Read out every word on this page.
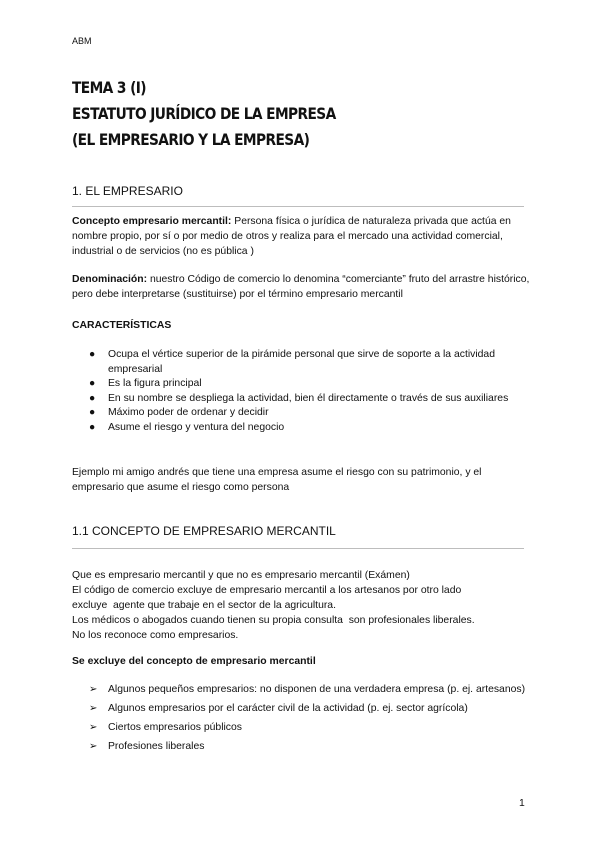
ABM
TEMA 3 (I)
ESTATUTO JURÍDICO DE LA EMPRESA
(EL EMPRESARIO Y LA EMPRESA)
1. EL EMPRESARIO
Concepto empresario mercantil: Persona física o jurídica de naturaleza privada que actúa en nombre propio, por sí o por medio de otros y realiza para el mercado una actividad comercial, industrial o de servicios (no es pública )
Denominación: nuestro Código de comercio lo denomina “comerciante” fruto del arrastre histórico, pero debe interpretarse (sustituirse) por el término empresario mercantil
CARACTERÍSTICAS
● Ocupa el vértice superior de la pirámide personal que sirve de soporte a la actividad empresarial
● Es la figura principal
● En su nombre se despliega la actividad, bien él directamente o través de sus auxiliares
● Máximo poder de ordenar y decidir
● Asume el riesgo y ventura del negocio
Ejemplo mi amigo andrés que tiene una empresa asume el riesgo con su patrimonio, y el empresario que asume el riesgo como persona
1.1 CONCEPTO DE EMPRESARIO MERCANTIL
Que es empresario mercantil y que no es empresario mercantil (Exámen)
El código de comercio excluye de empresario mercantil a los artesanos por otro lado
excluye  agente que trabaje en el sector de la agricultura.
Los médicos o abogados cuando tienen su propia consulta  son profesionales liberales.
No los reconoce como empresarios.
Se excluye del concepto de empresario mercantil
➢ Algunos pequeños empresarios: no disponen de una verdadera empresa (p. ej. artesanos)
➢ Algunos empresarios por el carácter civil de la actividad (p. ej. sector agrícola)
➢ Ciertos empresarios públicos
➢ Profesiones liberales
1
